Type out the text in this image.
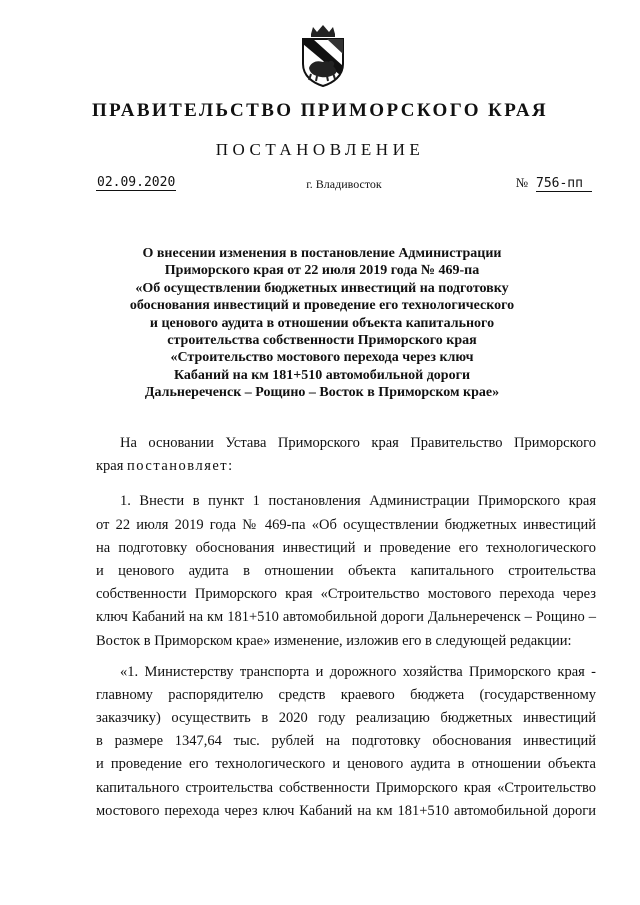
ПРАВИТЕЛЬСТВО ПРИМОРСКОГО КРАЯ
ПОСТАНОВЛЕНИЕ
02.09.2020	г. Владивосток	№ 756-пп
О внесении изменения в постановление Администрации
Приморского края от 22 июля 2019 года № 469-па
«Об осуществлении бюджетных инвестиций на подготовку
обоснования инвестиций и проведение его технологического
и ценового аудита в отношении объекта капитального
строительства собственности Приморского края
«Строительство мостового перехода через ключ
Кабаний на км 181+510 автомобильной дороги
Дальнереченск – Рощино – Восток в Приморском крае»
На основании Устава Приморского края Правительство Приморского
края постановляет:
1. Внести в пункт 1 постановления Администрации Приморского края
от 22 июля 2019 года № 469-па «Об осуществлении бюджетных инвестиций
на подготовку обоснования инвестиций и проведение его технологического
и ценового аудита в отношении объекта капитального строительства
собственности Приморского края «Строительство мостового перехода через
ключ Кабаний на км 181+510 автомобильной дороги Дальнереченск – Рощино –
Восток в Приморском крае» изменение, изложив его в следующей редакции:
«1. Министерству транспорта и дорожного хозяйства Приморского края -
главному распорядителю средств краевого бюджета (государственному
заказчику) осуществить в 2020 году реализацию бюджетных инвестиций
в размере 1347,64 тыс. рублей на подготовку обоснования инвестиций
и проведение его технологического и ценового аудита в отношении объекта
капитального строительства собственности Приморского края «Строительство
мостового перехода через ключ Кабаний на км 181+510 автомобильной дороги
